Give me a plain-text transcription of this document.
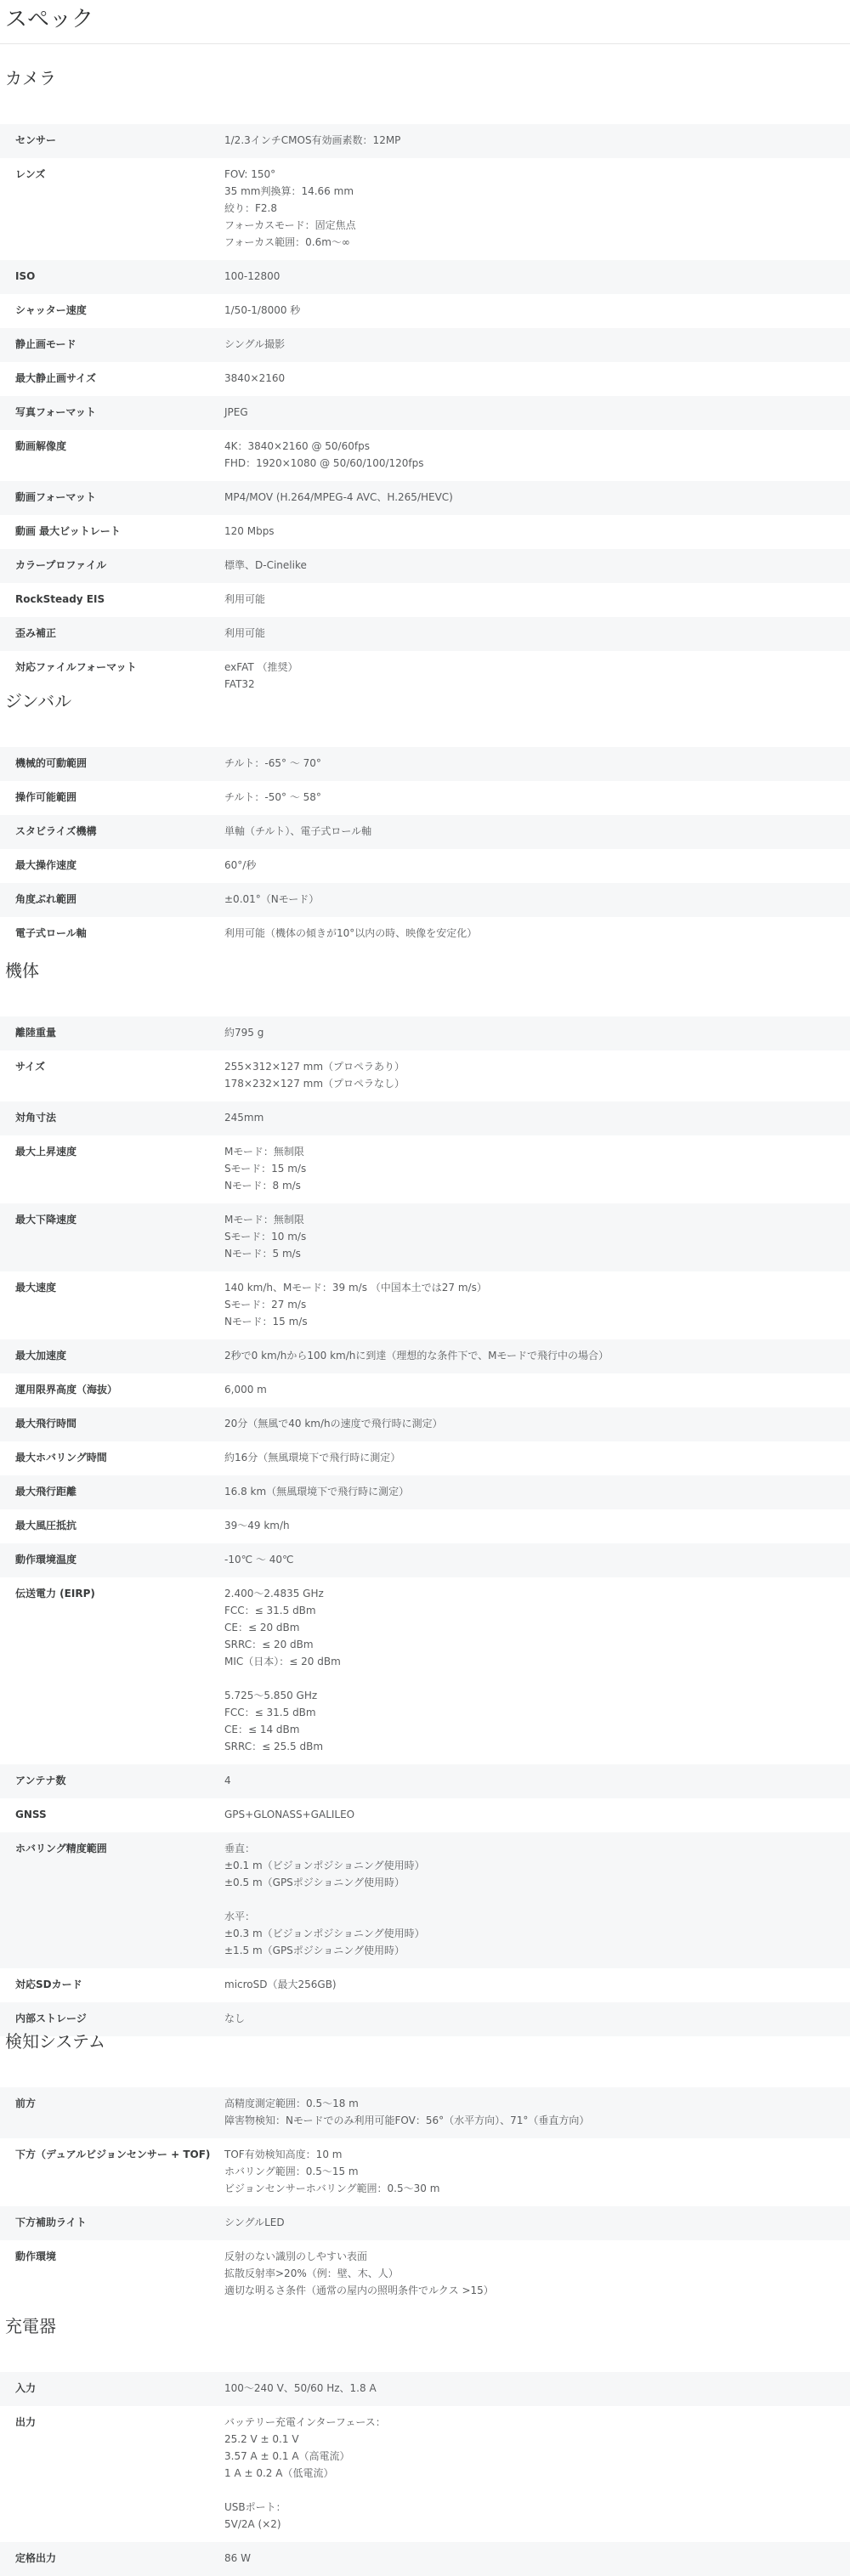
スペック
カメラ
センサー	1/2.3インチCMOS有効画素数：12MP
レンズ	FOV: 150°
35 mm判換算：14.66 mm
絞り：F2.8
フォーカスモード：固定焦点
フォーカス範囲：0.6m〜∞
ISO	100-12800
シャッター速度	1/50-1/8000 秒
静止画モード	シングル撮影
最大静止画サイズ	3840×2160
写真フォーマット	JPEG
動画解像度	4K：3840×2160 @ 50/60fps
FHD：1920×1080 @ 50/60/100/120fps
動画フォーマット	MP4/MOV (H.264/MPEG-4 AVC、H.265/HEVC)
動画 最大ビットレート	120 Mbps
カラープロファイル	標準、D-Cinelike
RockSteady EIS	利用可能
歪み補正	利用可能
対応ファイルフォーマット	exFAT （推奨）
FAT32
ジンバル
機械的可動範囲	チルト：-65° 〜 70°
操作可能範囲	チルト：-50° 〜 58°
スタビライズ機構	単軸（チルト）、電子式ロール軸
最大操作速度	60°/秒
角度ぶれ範囲	±0.01°（Nモード）
電子式ロール軸	利用可能（機体の傾きが10°以内の時、映像を安定化）
機体
離陸重量	約795 g
サイズ	255×312×127 mm（プロペラあり）
178×232×127 mm（プロペラなし）
対角寸法	245mm
最大上昇速度	Mモード：無制限
Sモード：15 m/s
Nモード：8 m/s
最大下降速度	Mモード：無制限
Sモード：10 m/s
Nモード：5 m/s
最大速度	140 km/h、Mモード：39 m/s （中国本土では27 m/s）
Sモード：27 m/s
Nモード：15 m/s
最大加速度	2秒で0 km/hから100 km/hに到達（理想的な条件下で、Mモードで飛行中の場合）
運用限界高度（海抜）	6,000 m
最大飛行時間	20分（無風で40 km/hの速度で飛行時に測定）
最大ホバリング時間	約16分（無風環境下で飛行時に測定）
最大飛行距離	16.8 km（無風環境下で飛行時に測定）
最大風圧抵抗	39〜49 km/h
動作環境温度	-10℃ 〜 40℃
伝送電力 (EIRP)	2.400〜2.4835 GHz
FCC：≤ 31.5 dBm
CE：≤ 20 dBm
SRRC：≤ 20 dBm
MIC（日本）：≤ 20 dBm

5.725〜5.850 GHz
FCC：≤ 31.5 dBm
CE：≤ 14 dBm
SRRC：≤ 25.5 dBm
アンテナ数	4
GNSS	GPS+GLONASS+GALILEO
ホバリング精度範囲	垂直：
±0.1 m（ビジョンポジショニング使用時）
±0.5 m（GPSポジショニング使用時）

水平：
±0.3 m（ビジョンポジショニング使用時）
±1.5 m（GPSポジショニング使用時）
対応SDカード	microSD（最大256GB)
内部ストレージ	なし
検知システム
前方	高精度測定範囲：0.5〜18 m
障害物検知：Nモードでのみ利用可能FOV：56°（水平方向）、71°（垂直方向）
下方（デュアルビジョンセンサー + TOF)	TOF有効検知高度：10 m
ホバリング範囲：0.5〜15 m
ビジョンセンサーホバリング範囲：0.5〜30 m
下方補助ライト	シングルLED
動作環境	反射のない識別のしやすい表面
拡散反射率>20%（例：壁、木、人）
適切な明るさ条件（通常の屋内の照明条件でルクス >15）
充電器
入力	100〜240 V、50/60 Hz、1.8 A
出力	バッテリー充電インターフェース：
25.2 V ± 0.1 V
3.57 A ± 0.1 A（高電流）
1 A ± 0.2 A（低電流）

USBポート：
5V/2A (×2)
定格出力	86 W
